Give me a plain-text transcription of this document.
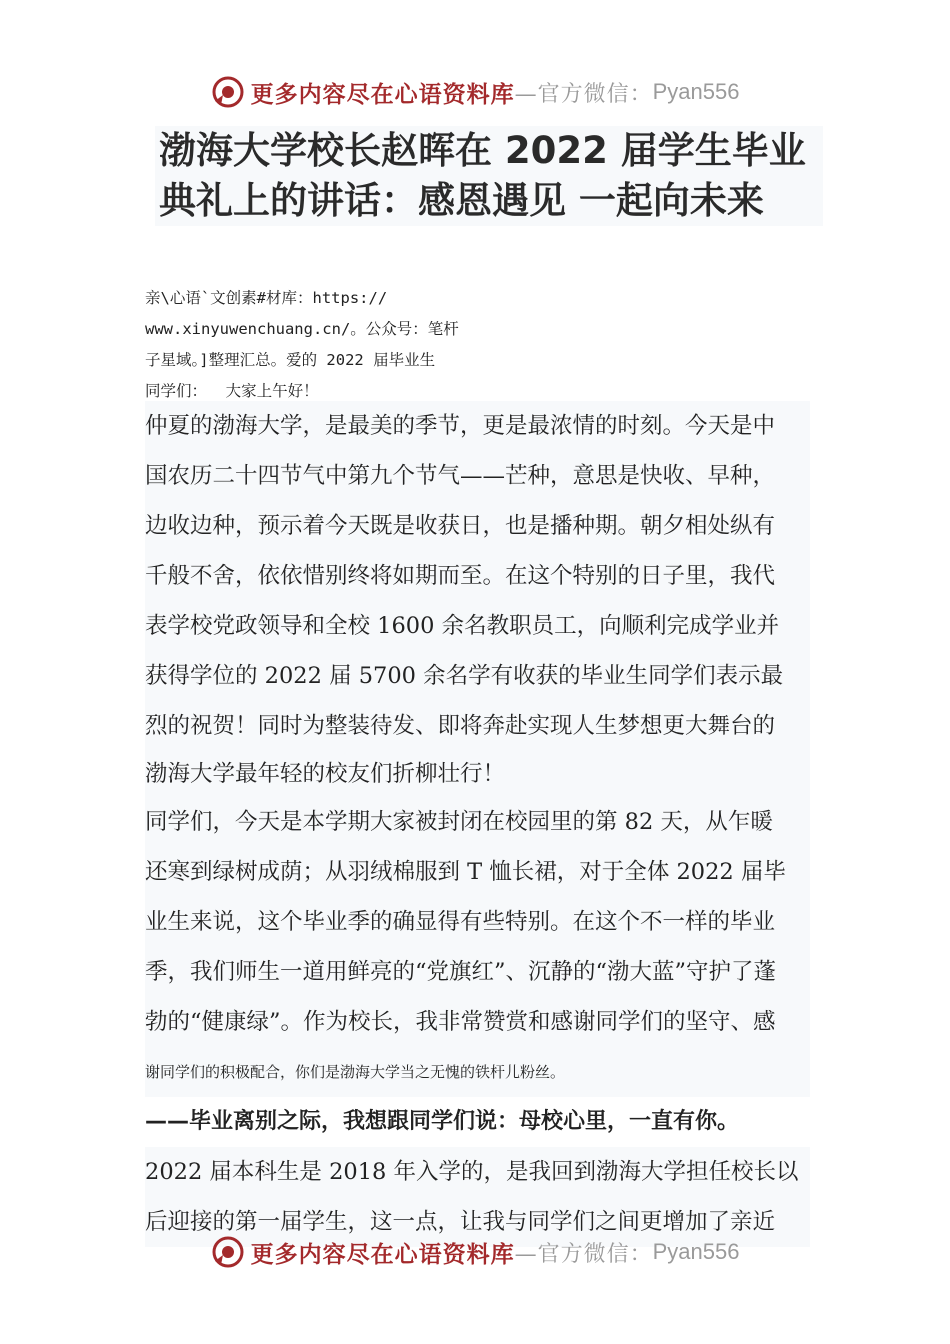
更多内容尽在心语资料库 —官方微信： Pyan556
渤海大学校长赵晖在 2022 届学生毕业
典礼上的讲话：感恩遇见 一起向未来
亲\心语`文创素#材库：https://
www.xinyuwenchuang.cn/。公众号：笔杆
子星域。]整理汇总。爱的 2022 届毕业生
同学们：  大家上午好！
仲夏的渤海大学，是最美的季节，更是最浓情的时刻。今天是中
国农历二十四节气中第九个节气——芒种，意思是快收、早种，
边收边种，预示着今天既是收获日，也是播种期。朝夕相处纵有
千般不舍，依依惜别终将如期而至。在这个特别的日子里，我代
表学校党政领导和全校 1600 余名教职员工，向顺利完成学业并
获得学位的 2022 届 5700 余名学有收获的毕业生同学们表示最
烈的祝贺！同时为整装待发、即将奔赴实现人生梦想更大舞台的
渤海大学最年轻的校友们折柳壮行！
同学们，今天是本学期大家被封闭在校园里的第 82 天，从乍暖
还寒到绿树成荫；从羽绒棉服到 T 恤长裙，对于全体 2022 届毕
业生来说，这个毕业季的确显得有些特别。在这个不一样的毕业
季，我们师生一道用鲜亮的“党旗红”、沉静的“渤大蓝”守护了蓬
勃的“健康绿”。作为校长，我非常赞赏和感谢同学们的坚守、感
谢同学们的积极配合，你们是渤海大学当之无愧的铁杆儿粉丝。
——毕业离别之际，我想跟同学们说：母校心里，一直有你。
2022 届本科生是 2018 年入学的，是我回到渤海大学担任校长以
后迎接的第一届学生，这一点，让我与同学们之间更增加了亲近
更多内容尽在心语资料库 —官方微信： Pyan556
